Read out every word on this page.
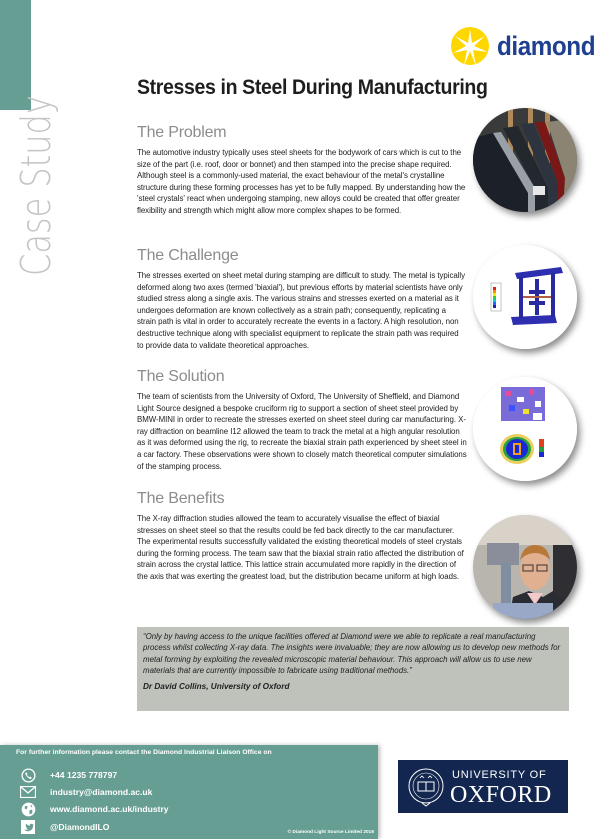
Case Study
diamond
Stresses in Steel During Manufacturing
The Problem

The automotive industry typically uses steel sheets for the bodywork of cars which is cut to the size of the part (i.e. roof, door or bonnet) and then stamped into the precise shape required. Although steel is a commonly-used material, the exact behaviour of the metal's crystalline structure during these forming processes has yet to be fully mapped. By understanding how the 'steel crystals' react when undergoing stamping, new alloys could be created that offer greater flexibility and strength which might allow more complex shapes to be formed.

The Challenge

The stresses exerted on sheet metal during stamping are difficult to study. The metal is typically deformed along two axes (termed 'biaxial'), but previous efforts by material scientists have only studied stress along a single axis. The various strains and stresses exerted on a material as it undergoes deformation are known collectively as a strain path; consequently, replicating a strain path is vital in order to accurately recreate the events in a factory. A high resolution, non destructive technique along with specialist equipment to replicate the strain path was required to provide data to validate theoretical approaches.

The Solution

The team of scientists from the University of Oxford, The University of Sheffield, and Diamond Light Source designed a bespoke cruciform rig to support a section of sheet steel provided by BMW-MINI in order to recreate the stresses exerted on sheet steel during car manufacturing. X-ray diffraction on beamline I12 allowed the team to track the metal at a high angular resolution as it was deformed using the rig, to recreate the biaxial strain path experienced by sheet steel in a car factory. These observations were shown to closely match theoretical computer simulations of the stamping process.

The Benefits

The X-ray diffraction studies allowed the team to accurately visualise the effect of biaxial stresses on sheet steel so that the results could be fed back directly to the car manufacturer. The experimental results successfully validated the existing theoretical models of steel crystals during the forming process. The team saw that the biaxial strain ratio affected the distribution of strain across the crystal lattice. This lattice strain accumulated more rapidly in the direction of the axis that was exerting the greatest load, but the distribution became uniform at high loads.

“Only by having access to the unique facilities offered at Diamond were we able to replicate a real manufacturing process whilst collecting X-ray data. The insights were invaluable; they are now allowing us to develop new methods for metal forming by exploiting the revealed microscopic material behaviour. This approach will allow us to use new materials that are currently impossible to fabricate using traditional methods.”

Dr David Collins, University of Oxford

For further information please contact the Diamond Industrial Liaison Office on
© Diamond Light Source Limited 2016
+44 1235 778797
industry@diamond.ac.uk
www.diamond.ac.uk/industry
@DiamondILO
UNIVERSITY OF
OXFORD
